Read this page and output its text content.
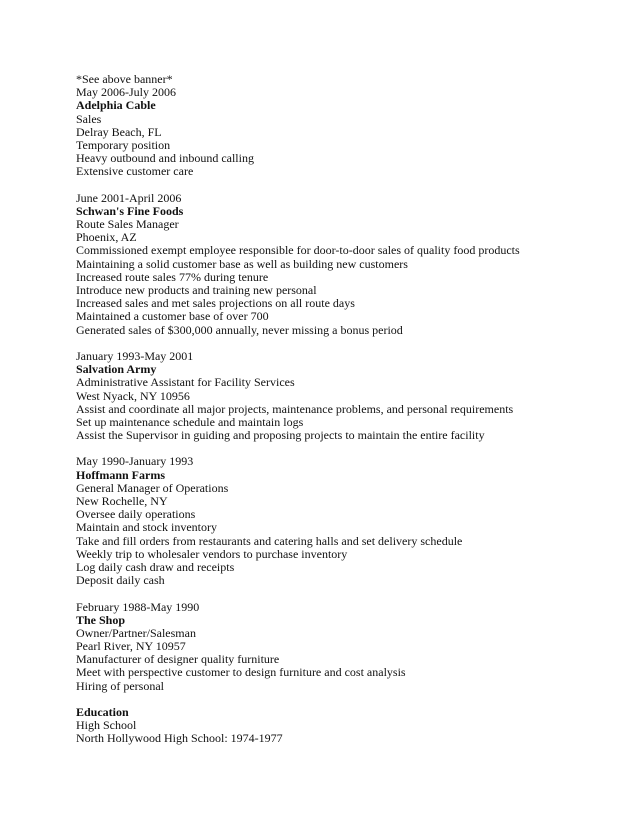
*See above banner*
May 2006-July 2006
Adelphia Cable
Sales
Delray Beach, FL
Temporary position
Heavy outbound and inbound calling
Extensive customer care
June 2001-April 2006
Schwan's Fine Foods
Route Sales Manager
Phoenix, AZ
Commissioned exempt employee responsible for door-to-door sales of quality food products
Maintaining a solid customer base as well as building new customers
Increased route sales 77% during tenure
Introduce new products and training new personal
Increased sales and met sales projections on all route days
Maintained a customer base of over 700
Generated sales of $300,000 annually, never missing a bonus period
January 1993-May 2001
Salvation Army
Administrative Assistant for Facility Services
West Nyack, NY 10956
Assist and coordinate all major projects, maintenance problems, and personal requirements
Set up maintenance schedule and maintain logs
Assist the Supervisor in guiding and proposing projects to maintain the entire facility
May 1990-January 1993
Hoffmann Farms
General Manager of Operations
New Rochelle, NY
Oversee daily operations
Maintain and stock inventory
Take and fill orders from restaurants and catering halls and set delivery schedule
Weekly trip to wholesaler vendors to purchase inventory
Log daily cash draw and receipts
Deposit daily cash
February 1988-May 1990
The Shop
Owner/Partner/Salesman
Pearl River, NY 10957
Manufacturer of designer quality furniture
Meet with perspective customer to design furniture and cost analysis
Hiring of personal
Education
High School
North Hollywood High School: 1974-1977
